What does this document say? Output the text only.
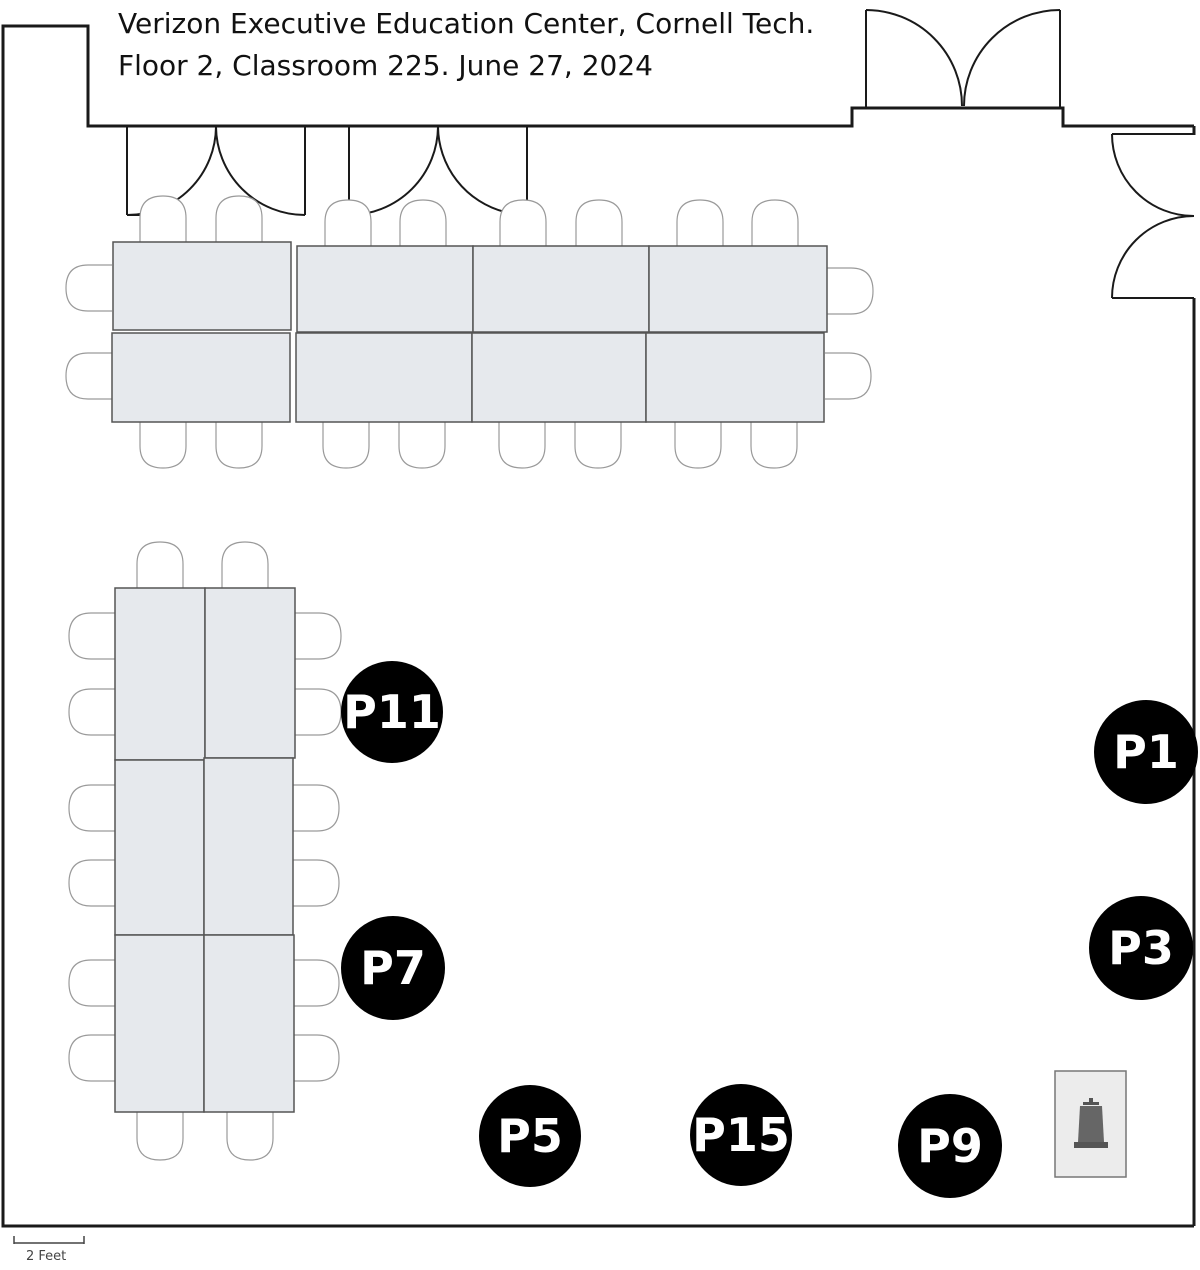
Verizon Executive Education Center, Cornell Tech.
Floor 2, Classroom 225. June 27, 2024
P11
P1
P7	P3
P5	P15	P9
2 Feet
